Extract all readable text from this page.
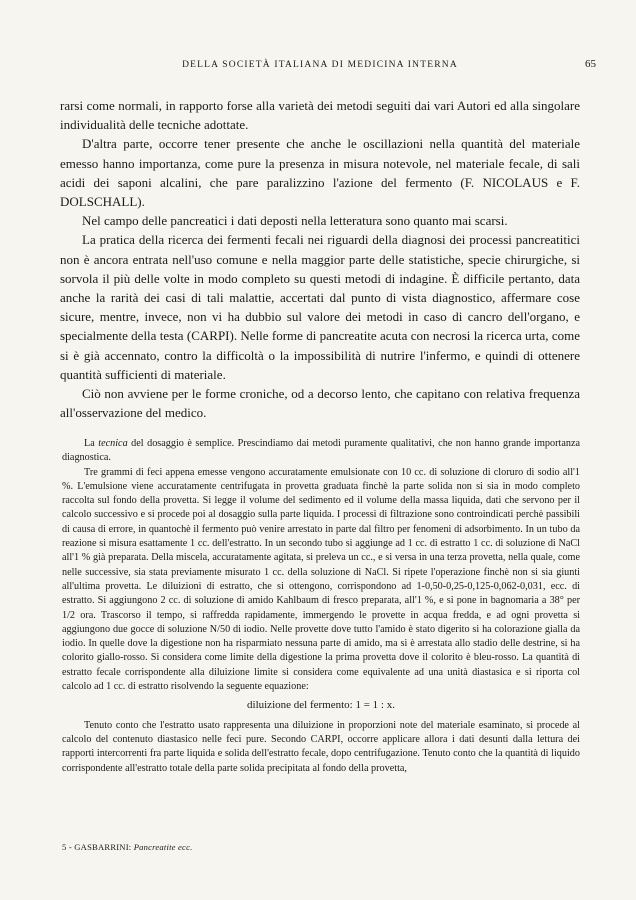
DELLA SOCIETÀ ITALIANA DI MEDICINA INTERNA	65

rarsi come normali, in rapporto forse alla varietà dei metodi seguiti dai vari Autori ed alla singolare individualità delle tecniche adottate.

D'altra parte, occorre tener presente che anche le oscillazioni nella quantità del materiale emesso hanno importanza, come pure la presenza in misura notevole, nel materiale fecale, di sali acidi dei saponi alcalini, che pare paralizzino l'azione del fermento (F. NICOLAUS e F. DOLSCHALL).

Nel campo delle pancreatici i dati deposti nella letteratura sono quanto mai scarsi.

La pratica della ricerca dei fermenti fecali nei riguardi della diagnosi dei processi pancreatitici non è ancora entrata nell'uso comune e nella maggior parte delle statistiche, specie chirurgiche, si sorvola il più delle volte in modo completo su questi metodi di indagine. È difficile pertanto, data anche la rarità dei casi di tali malattie, accertati dal punto di vista diagnostico, affermare cose sicure, mentre, invece, non vi ha dubbio sul valore dei metodi in caso di cancro dell'organo, e specialmente della testa (CARPI). Nelle forme di pancreatite acuta con necrosi la ricerca urta, come si è già accennato, contro la difficoltà o la impossibilità di nutrire l'infermo, e quindi di ottenere quantità sufficienti di materiale.

Ciò non avviene per le forme croniche, od a decorso lento, che capitano con relativa frequenza all'osservazione del medico.

La tecnica del dosaggio è semplice. Prescindiamo dai metodi puramente qualitativi, che non hanno grande importanza diagnostica.

Tre grammi di feci appena emesse vengono accuratamente emulsionate con 10 cc. di soluzione di cloruro di sodio all'1 %. L'emulsione viene accuratamente centrifugata in provetta graduata finchè la parte solida non si sia in modo completo raccolta sul fondo della provetta. Si legge il volume del sedimento ed il volume della massa liquida, dati che servono per il calcolo successivo e si procede poi al dosaggio sulla parte liquida. I processi di filtrazione sono controindicati perchè passibili di causa di errore, in quantochè il fermento può venire arrestato in parte dal filtro per fenomeni di adsorbimento. In un tubo da reazione si misura esattamente 1 cc. dell'estratto. In un secondo tubo si aggiunge ad 1 cc. di estratto 1 cc. di soluzione di NaCl all'1 % già preparata. Della miscela, accuratamente agitata, si preleva un cc., e si versa in una terza provetta, nella quale, come nelle successive, sia stata previamente misurato 1 cc. della soluzione di NaCl. Si ripete l'operazione finchè non si sia giunti all'ultima provetta. Le diluizioni di estratto, che si ottengono, corrispondono ad 1-0,50-0,25-0,125-0,062-0,031, ecc. di estratto. Si aggiungono 2 cc. di soluzione di amido Kahlbaum di fresco preparata, all'1 %, e si pone in bagnomaria a 38° per 1/2 ora. Trascorso il tempo, si raffredda rapidamente, immergendo le provette in acqua fredda, e ad ogni provetta si aggiungono due gocce di soluzione N/50 di iodio. Nelle provette dove tutto l'amido è stato digerito si ha colorazione gialla da iodio. In quelle dove la digestione non ha risparmiato nessuna parte di amido, ma si è arrestata allo stadio delle destrine, si ha colorito giallo-rosso. Si considera come limite della digestione la prima provetta dove il colorito è bleu-rosso. La quantità di estratto fecale corrispondente alla diluizione limite si considera come equivalente ad una unità diastasica e si riporta col calcolo ad 1 cc. di estratto risolvendo la seguente equazione:

diluizione del fermento: 1 = 1 : x.

Tenuto conto che l'estratto usato rappresenta una diluizione in proporzioni note del materiale esaminato, si procede al calcolo del contenuto diastasico nelle feci pure. Secondo CARPI, occorre applicare allora i dati desunti dalla lettura dei rapporti intercorrenti fra parte liquida e solida dell'estratto fecale, dopo centrifugazione. Tenuto conto che la quantità di liquido corrispondente all'estratto totale della parte solida precipitata al fondo della provetta,

5 - GASBARRINI: Pancreatite ecc.
